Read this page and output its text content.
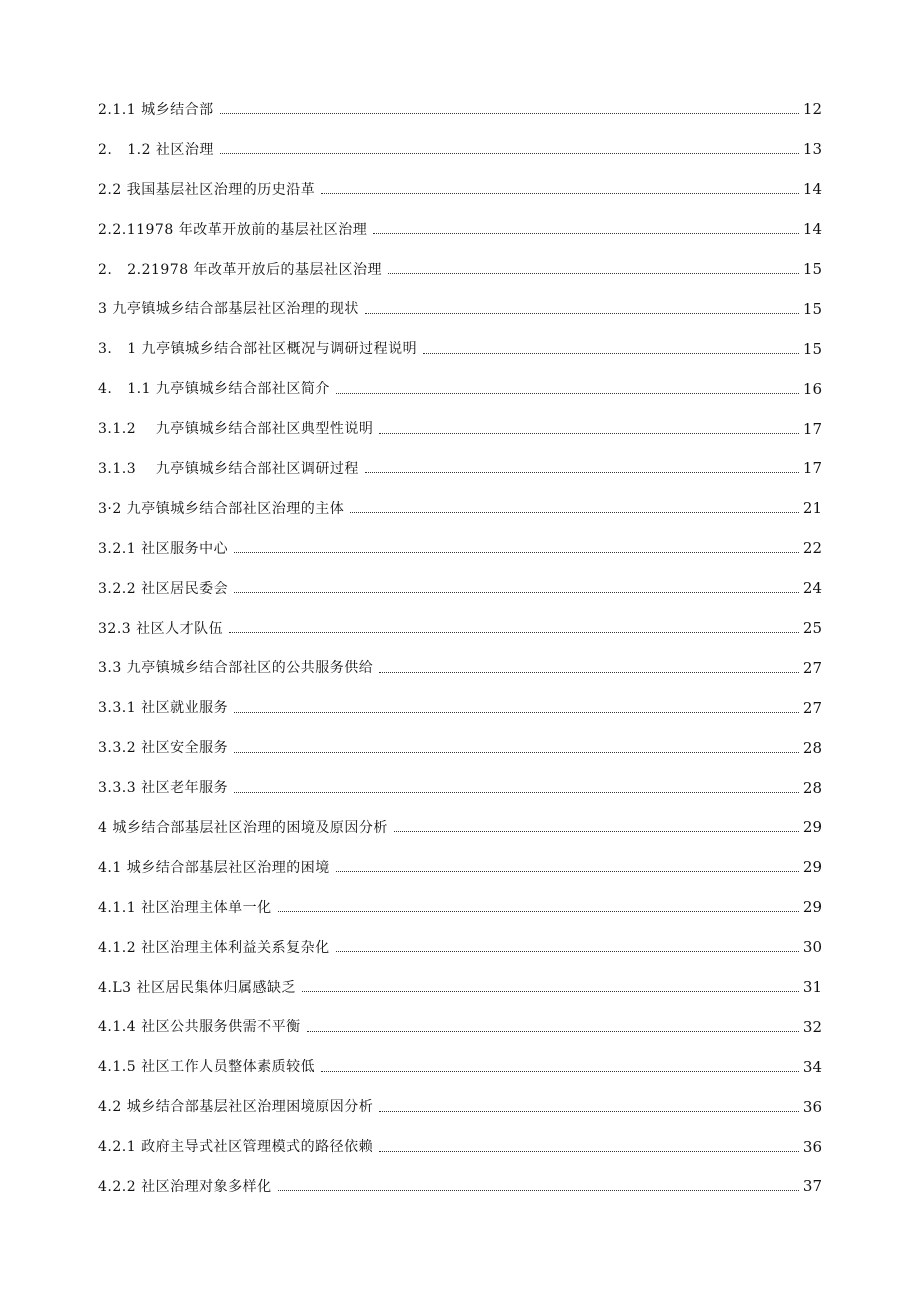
2.1.1 城乡结合部	12
2.   1.2 社区治理	13
2.2 我国基层社区治理的历史沿革	14
2.2.11978 年改革开放前的基层社区治理	14
2.   2.21978 年改革开放后的基层社区治理	15
3 九亭镇城乡结合部基层社区治理的现状	15
3.   1 九亭镇城乡结合部社区概况与调研过程说明	15
4.   1.1 九亭镇城乡结合部社区简介	16
3.1.2    九亭镇城乡结合部社区典型性说明	17
3.1.3    九亭镇城乡结合部社区调研过程	17
3·2 九亭镇城乡结合部社区治理的主体	21
3.2.1 社区服务中心	22
3.2.2 社区居民委会	24
32.3 社区人才队伍	25
3.3 九亭镇城乡结合部社区的公共服务供给	27
3.3.1 社区就业服务	27
3.3.2 社区安全服务	28
3.3.3 社区老年服务	28
4 城乡结合部基层社区治理的困境及原因分析	29
4.1 城乡结合部基层社区治理的困境	29
4.1.1 社区治理主体单一化	29
4.1.2 社区治理主体利益关系复杂化	30
4.L3 社区居民集体归属感缺乏	31
4.1.4 社区公共服务供需不平衡	32
4.1.5 社区工作人员整体素质较低	34
4.2 城乡结合部基层社区治理困境原因分析	36
4.2.1 政府主导式社区管理模式的路径依赖	36
4.2.2 社区治理对象多样化	37
